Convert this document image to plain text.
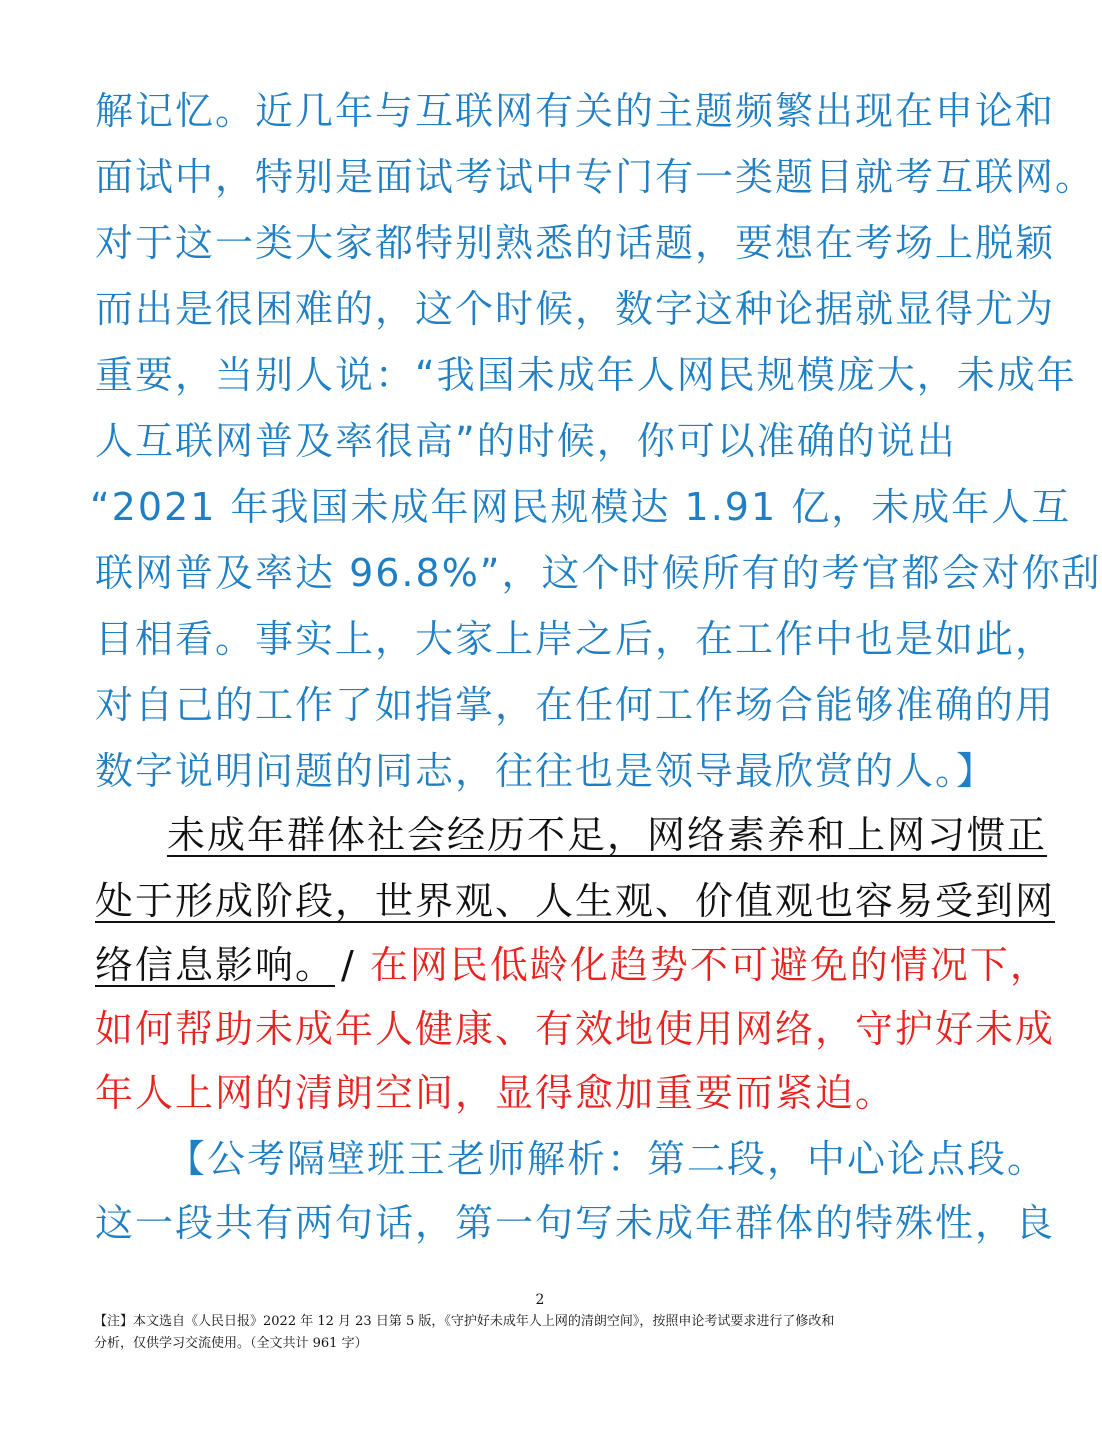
解记忆。近几年与互联网有关的主题频繁出现在申论和
面试中，特别是面试考试中专门有一类题目就考互联网。
对于这一类大家都特别熟悉的话题，要想在考场上脱颖
而出是很困难的，这个时候，数字这种论据就显得尤为
重要，当别人说：“我国未成年人网民规模庞大，未成年
人互联网普及率很高”的时候，你可以准确的说出
“2021 年我国未成年网民规模达 1.91 亿，未成年人互
联网普及率达 96.8%”，这个时候所有的考官都会对你刮
目相看。事实上，大家上岸之后，在工作中也是如此，
对自己的工作了如指掌，在任何工作场合能够准确的用
数字说明问题的同志，往往也是领导最欣赏的人。】
未成年群体社会经历不足，网络素养和上网习惯正
处于形成阶段，世界观、人生观、价值观也容易受到网
络信息影响。 / 在网民低龄化趋势不可避免的情况下，
如何帮助未成年人健康、有效地使用网络，守护好未成
年人上网的清朗空间，显得愈加重要而紧迫。
【公考隔壁班王老师解析：第二段，中心论点段。
这一段共有两句话，第一句写未成年群体的特殊性，良
2
【注】本文选自《人民日报》2022 年 12 月 23 日第 5 版，《守护好未成年人上网的清朗空间》，按照申论考试要求进行了修改和
分析，仅供学习交流使用。（全文共计 961 字）
